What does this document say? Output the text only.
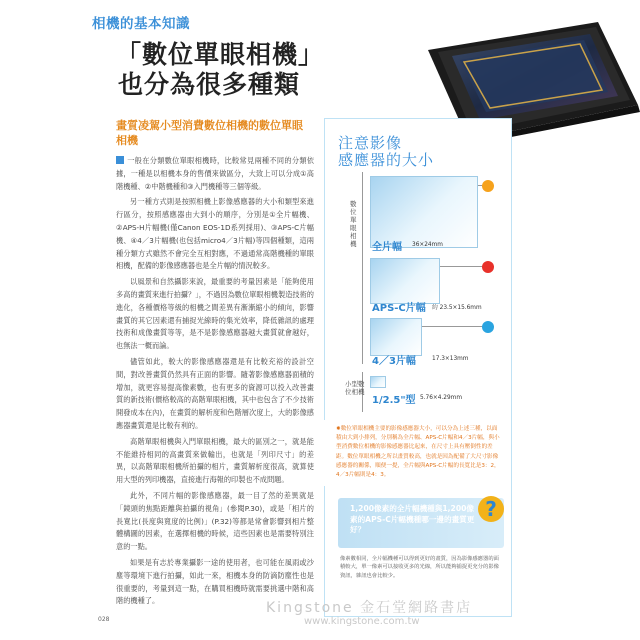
相機的基本知識
「數位單眼相機」
也分為很多種類
畫質凌駕小型消費數位相機的數位單眼相機

一般在分類數位單眼相機時，比較常見兩種不同的分類依據，一種是以相機本身的售價來做區分，大致上可以分成①高階機種、②中階機種和③入門機種等三個等級。

另一種方式則是按照相機上影像感應器的大小和類型來進行區分，按照感應器由大到小的順序，分別是①全片幅機、②APS-H片幅機(僅Canon EOS-1D系列採用)、③APS-C片幅機、④4／3片幅機(也包括micro4／3片幅)等四個種類，這兩種分類方式雖然不會完全互相對應，不過通常高階機種的單眼相機，配備的影像感應器也是全片幅的情況較多。

以風景和自然攝影來說，最重要的考量因素是「能夠使用多高的畫質來進行拍攝？」，不過因為數位單眼相機製造技術的進化，各種價格等級的相機之間差異有漸漸縮小的傾向，影響畫質的其它因素還有捕捉光線時的集光效率，降低雜訊的處理技術和成像畫質等等，是不是影像感應器越大畫質就會越好，也無法一概而論。

儘管如此，較大的影像感應器還是有比較充裕的設計空間，對改善畫質仍然具有正面的影響。隨著影像感應器面積的增加，就更容易提高像素數，也有更多的資源可以投入改善畫質的新技術(價格較高的高階單眼相機，其中也包含了不少技術開發成本在內)，在畫質的解析度和色階層次度上，大的影像感應器畫質還是比較有利的。

高階單眼相機與入門單眼相機，最大的區別之一，就是能不能維持相同的高畫質來做輸出，也就是「列印尺寸」的差異，以高階單眼相機所拍攝的相片，畫質解析度很高，就算使用大型的列印機器，直接進行海報的印製也不成問題。

此外，不同片幅的影像感應器，最一目了然的差異就是「鏡頭的焦點距離與拍攝的視角」(參閱P.30)，或是「相片的長寬比(長度與寬度的比例)」(P.32)等都是常會影響到相片整體構圖的因素，在選擇相機的時候，這些因素也是需要特別注意的一點。

如果是有志於專業攝影一途的使用者，也可能在風雨或沙塵等環境下進行拍攝，如此一來，相機本身的防滴防塵性也是很重要的，考量到這一點，在購買相機時就需要挑選中階和高階的機種了。

注意影像
感應器的大小
數位單眼相機
小型數位相機
全片幅 36×24mm
APS-C片幅 約 23.5×15.6mm
4／3片幅	17.3×13mm
1/2.5"型 5.76×4.29mm
✸數位單眼相機主要的影像感應器大小，可以分為上述三種，以面積由大到小排列，分別稱為全片幅、APS-C片幅和4／3片幅，與小型消費數位相機的影像感應器比起來，在尺寸上具有壓倒性的差距。數位單眼相機之所以畫質較高，也就是因為配備了大尺寸影像感應器的關係，順便一提，全片幅與APS-C片幅的長寬比是3：2，4／3片幅則是4：3。
1,200像素的全片幅機種與1,200像素的APS-C片幅機種哪一邊的畫質更好？
?
像素數相同，全片幅機種可以得到更好的畫質，因為影像感應器的面積較大，單一像素可以接收更多的光線，所以能夠捕捉更充分的影像資訊，雜訊也會比較少。
028
Kingstone 金石堂網路書店
www.kingstone.com.tw
